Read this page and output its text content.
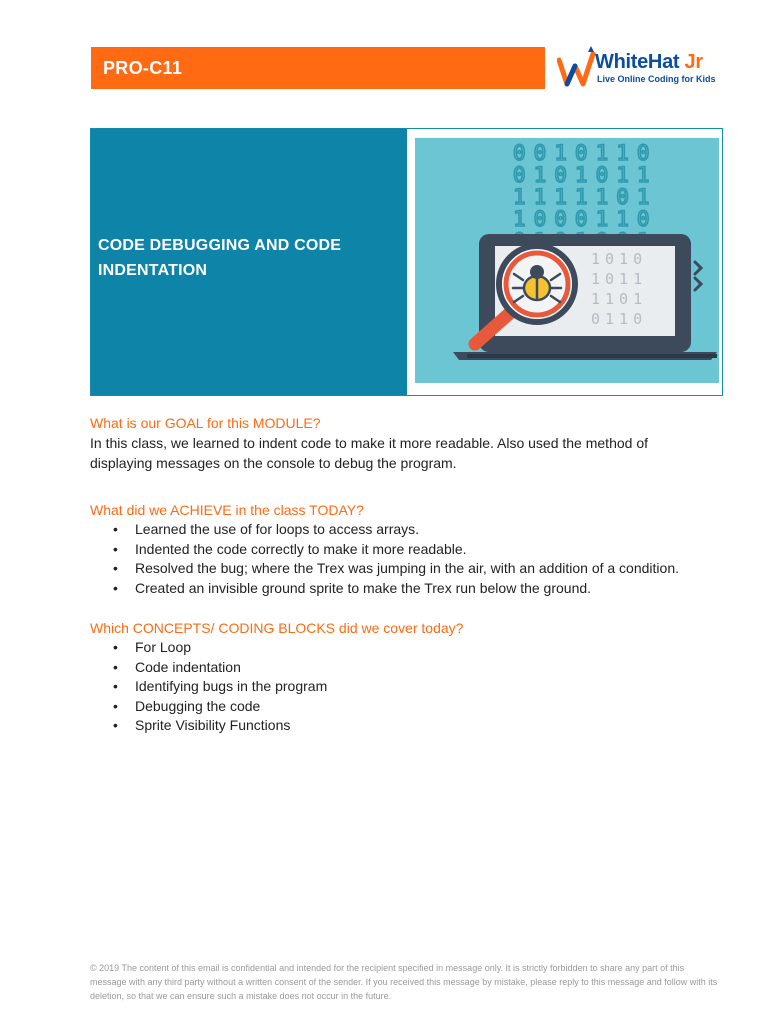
PRO-C11	WhiteHat Jr
Live Online Coding for Kids
CODE DEBUGGING AND CODE INDENTATION
0010110
0101011
1111101
1000110
1010
1011
1101
0110

What is our GOAL for this MODULE?

In this class, we learned to indent code to make it more readable. Also used the method of displaying messages on the console to debug the program.

What did we ACHIEVE in the class TODAY?

• Learned the use of for loops to access arrays.
• Indented the code correctly to make it more readable.
• Resolved the bug; where the Trex was jumping in the air, with an addition of a condition.
• Created an invisible ground sprite to make the Trex run below the ground.

Which CONCEPTS/ CODING BLOCKS did we cover today?

• For Loop
• Code indentation
• Identifying bugs in the program
• Debugging the code
• Sprite Visibility Functions
© 2019 The content of this email is confidential and intended for the recipient specified in message only. It is strictly forbidden to share any part of this message with any third party without a written consent of the sender. If you received this message by mistake, please reply to this message and follow with its deletion, so that we can ensure such a mistake does not occur in the future.
